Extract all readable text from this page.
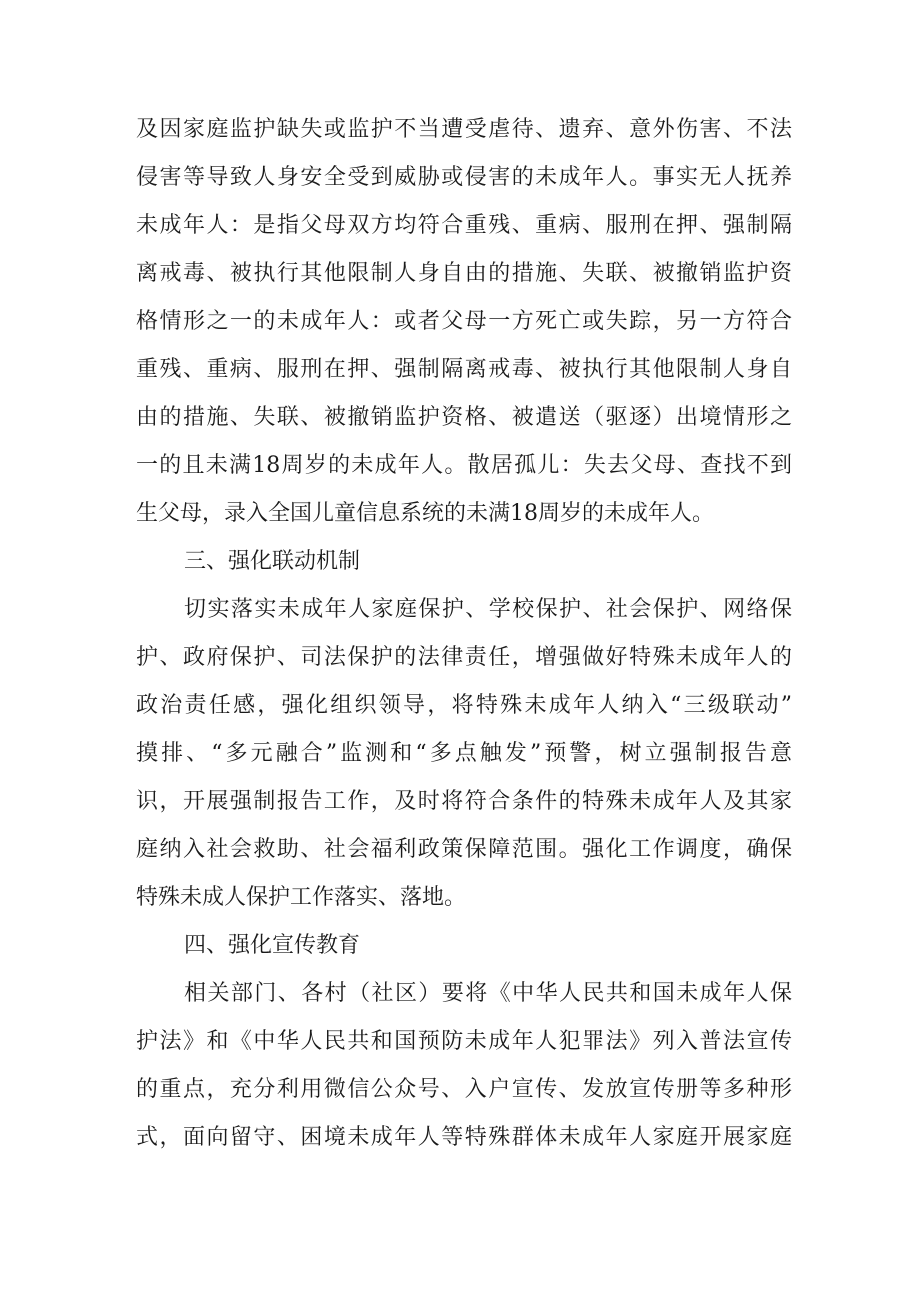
及因家庭监护缺失或监护不当遭受虐待、遗弃、意外伤害、不法
侵害等导致人身安全受到威胁或侵害的未成年人。事实无人抚养
未成年人：是指父母双方均符合重残、重病、服刑在押、强制隔
离戒毒、被执行其他限制人身自由的措施、失联、被撤销监护资
格情形之一的未成年人：或者父母一方死亡或失踪，另一方符合
重残、重病、服刑在押、强制隔离戒毒、被执行其他限制人身自
由的措施、失联、被撤销监护资格、被遣送（驱逐）出境情形之
一的且未满18周岁的未成年人。散居孤儿：失去父母、查找不到
生父母，录入全国儿童信息系统的未满18周岁的未成年人。
三、强化联动机制
切实落实未成年人家庭保护、学校保护、社会保护、网络保
护、政府保护、司法保护的法律责任，增强做好特殊未成年人的
政治责任感，强化组织领导，将特殊未成年人纳入“三级联动”
摸排、“多元融合”监测和“多点触发”预警，树立强制报告意
识，开展强制报告工作，及时将符合条件的特殊未成年人及其家
庭纳入社会救助、社会福利政策保障范围。强化工作调度，确保
特殊未成人保护工作落实、落地。
四、强化宣传教育
相关部门、各村（社区）要将《中华人民共和国未成年人保
护法》和《中华人民共和国预防未成年人犯罪法》列入普法宣传
的重点，充分利用微信公众号、入户宣传、发放宣传册等多种形
式，面向留守、困境未成年人等特殊群体未成年人家庭开展家庭
